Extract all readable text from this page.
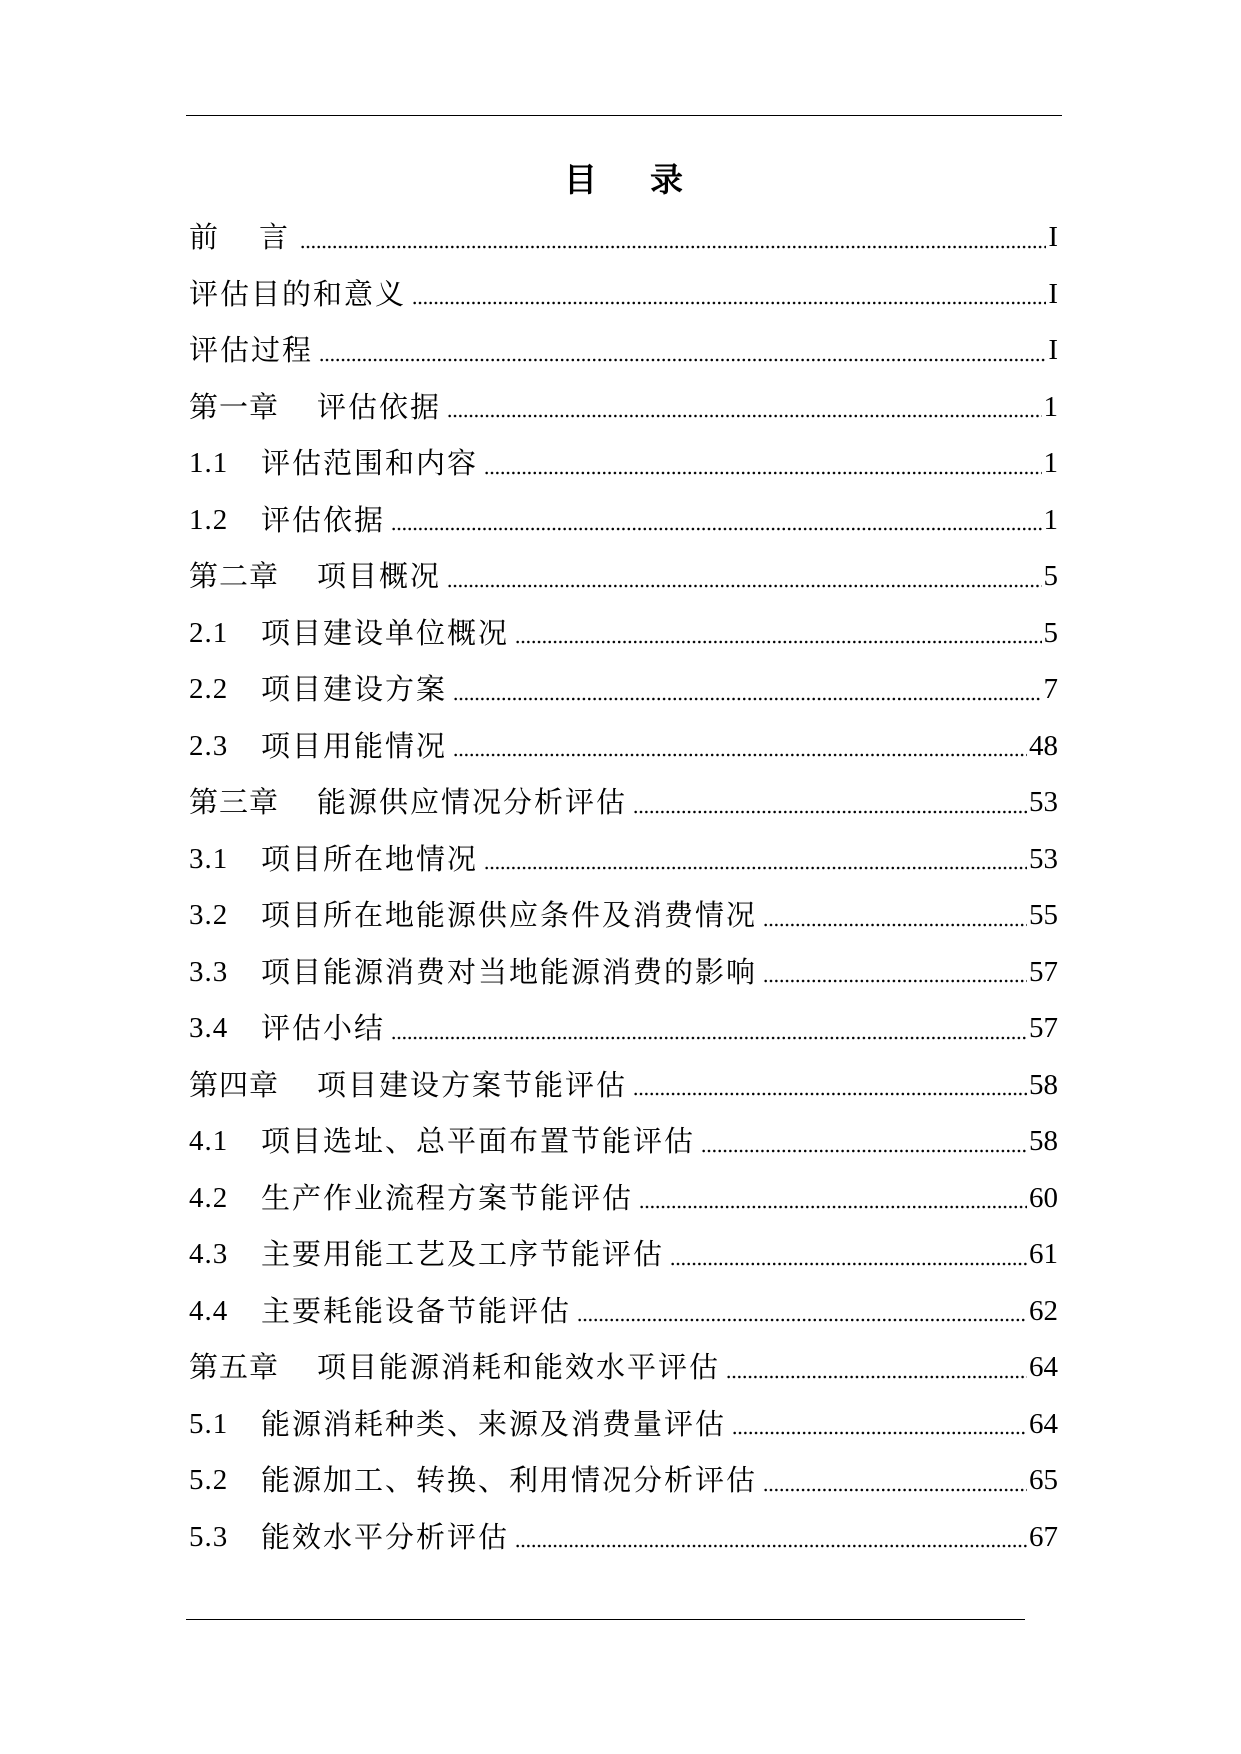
目　录
前　言	I
评估目的和意义	I
评估过程	I
第一章	评估依据	1
1.1	评估范围和内容	1
1.2	评估依据	1
第二章	项目概况	5
2.1	项目建设单位概况	5
2.2	项目建设方案	7
2.3	项目用能情况	48
第三章	能源供应情况分析评估	53
3.1	项目所在地情况	53
3.2	项目所在地能源供应条件及消费情况	55
3.3	项目能源消费对当地能源消费的影响	57
3.4	评估小结	57
第四章	项目建设方案节能评估	58
4.1	项目选址、总平面布置节能评估	58
4.2	生产作业流程方案节能评估	60
4.3	主要用能工艺及工序节能评估	61
4.4	主要耗能设备节能评估	62
第五章	项目能源消耗和能效水平评估	64
5.1	能源消耗种类、来源及消费量评估	64
5.2	能源加工、转换、利用情况分析评估	65
5.3	能效水平分析评估	67
